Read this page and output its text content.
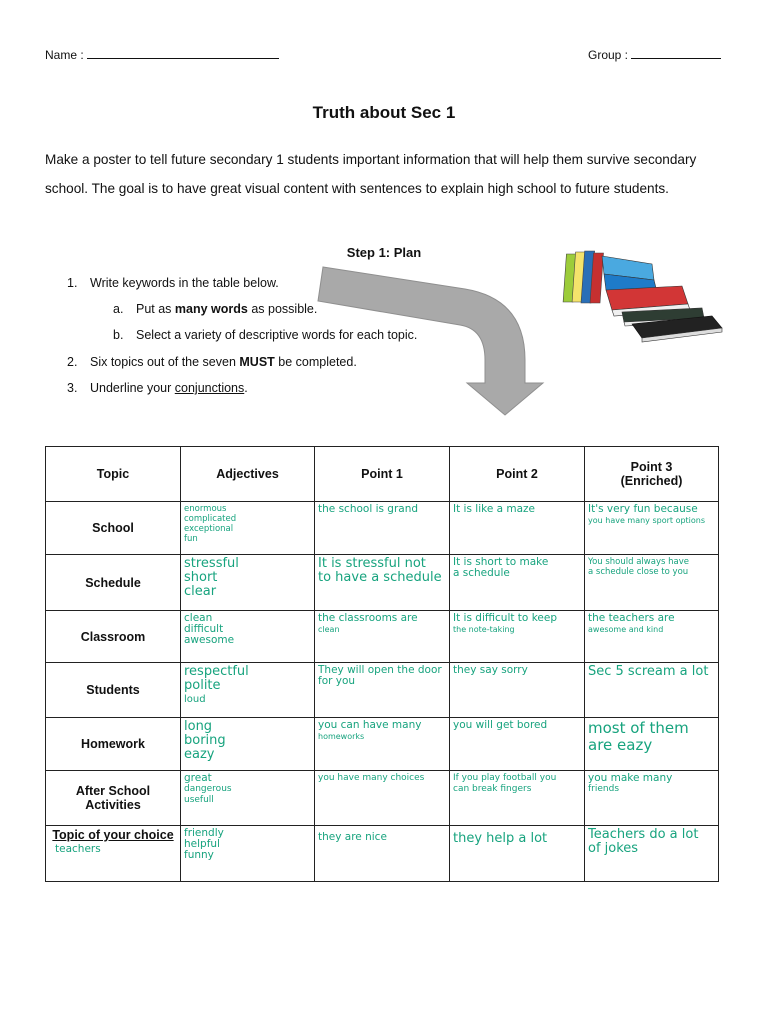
Name :	Group :
Truth about Sec 1
Make a poster to tell future secondary 1 students important information that will help them survive secondary school. The goal is to have great visual content with sentences to explain high school to future students.
Step 1: Plan
1. Write keywords in the table below.
a. Put as many words as possible.
b. Select a variety of descriptive words for each topic.
2. Six topics out of the seven MUST be completed.
3. Underline your conjunctions.
Topic	Adjectives	Point 1	Point 2	Point 3
(Enriched)

School	enormous
complicated
exceptional
fun	the school is grand	It is like a maze	It's very fun because
you have many sport options

Schedule	stressful
short
clear	It is stressful not
to have a schedule	It is short to make
a schedule	You should always have
a schedule close to you

Classroom	clean
difficult
awesome	the classrooms are
clean	It is difficult to keep
the note-taking	the teachers are
awesome and kind

Students	respectful
polite
loud	They will open the door
for you	they say sorry	Sec 5 scream a lot

Homework	long
boring
eazy	you can have many
homeworks	you will get bored	most of them
are eazy

After School
Activities	great
dangerous
usefull	you have many choices	If you play football you
can break fingers	you make many
friends

Topic of your choice
teachers	friendly
helpful
funny	they are nice	they help a lot	Teachers do a lot
of jokes
